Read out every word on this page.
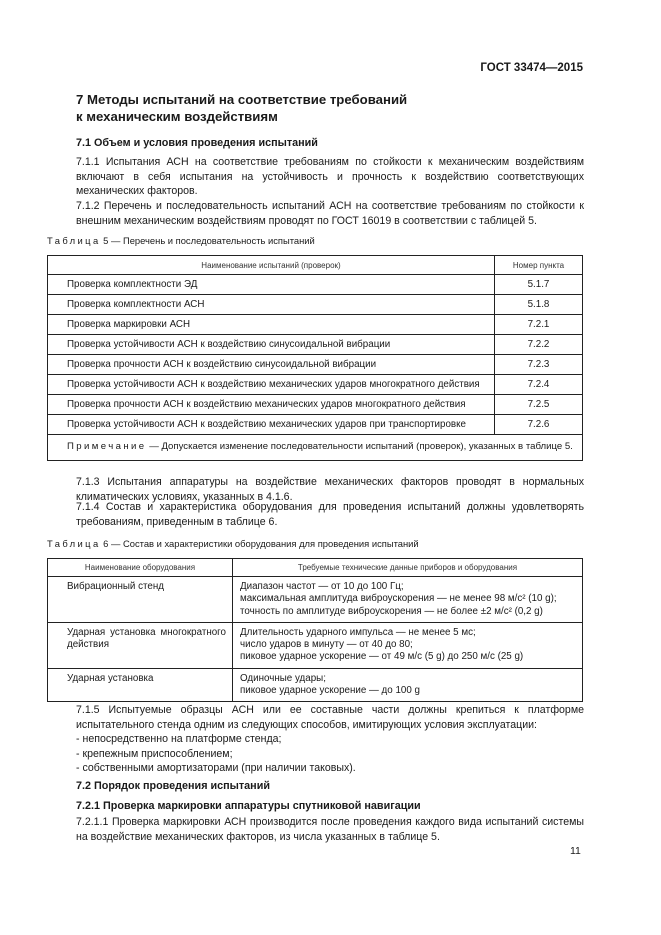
ГОСТ 33474—2015
7 Методы испытаний на соответствие требований
к механическим воздействиям
7.1 Объем и условия проведения испытаний
7.1.1 Испытания АСН на соответствие требованиям по стойкости к механическим воздействиям включают в себя испытания на устойчивость и прочность к воздействию соответствующих механических факторов.
7.1.2 Перечень и последовательность испытаний АСН на соответствие требованиям по стойкости к внешним механическим воздействиям проводят по ГОСТ 16019 в соответствии с таблицей 5.
Таблица 5 — Перечень и последовательность испытаний
Наименование испытаний (проверок)	Номер пункта
Проверка комплектности ЭД	5.1.7
Проверка комплектности АСН	5.1.8
Проверка маркировки АСН	7.2.1
Проверка устойчивости АСН к воздействию синусоидальной вибрации	7.2.2
Проверка прочности АСН к воздействию синусоидальной вибрации	7.2.3
Проверка устойчивости АСН к воздействию механических ударов многократного действия	7.2.4
Проверка прочности АСН к воздействию механических ударов многократного действия	7.2.5
Проверка устойчивости АСН к воздействию механических ударов при транспортировке	7.2.6
Примечание — Допускается изменение последовательности испытаний (проверок), указанных в таблице 5.	
7.1.3 Испытания аппаратуры на воздействие механических факторов проводят в нормальных климатических условиях, указанных в 4.1.6.
7.1.4 Состав и характеристика оборудования для проведения испытаний должны удовлетворять требованиям, приведенным в таблице 6.
Таблица 6 — Состав и характеристики оборудования для проведения испытаний
Наименование оборудования	Требуемые технические данные приборов и оборудования
Вибрационный стенд	Диапазон частот — от 10 до 100 Гц;
максимальная амплитуда виброускорения — не менее 98 м/с² (10 g);
точность по амплитуде виброускорения — не более ±2 м/с² (0,2 g)

Ударная установка многократного действия	Длительность ударного импульса — не менее 5 мс;
число ударов в минуту — от 40 до 80;
пиковое ударное ускорение — от 49 м/с (5 g) до 250 м/с (25 g)

Ударная установка	Одиночные удары;
пиковое ударное ускорение — до 100 g
7.1.5 Испытуемые образцы АСН или ее составные части должны крепиться к платформе испытательного стенда одним из следующих способов, имитирующих условия эксплуатации:
- непосредственно на платформе стенда;
- крепежным приспособлением;
- собственными амортизаторами (при наличии таковых).
7.2 Порядок проведения испытаний
7.2.1 Проверка маркировки аппаратуры спутниковой навигации
7.2.1.1 Проверка маркировки АСН производится после проведения каждого вида испытаний системы на воздействие механических факторов, из числа указанных в таблице 5.
11
